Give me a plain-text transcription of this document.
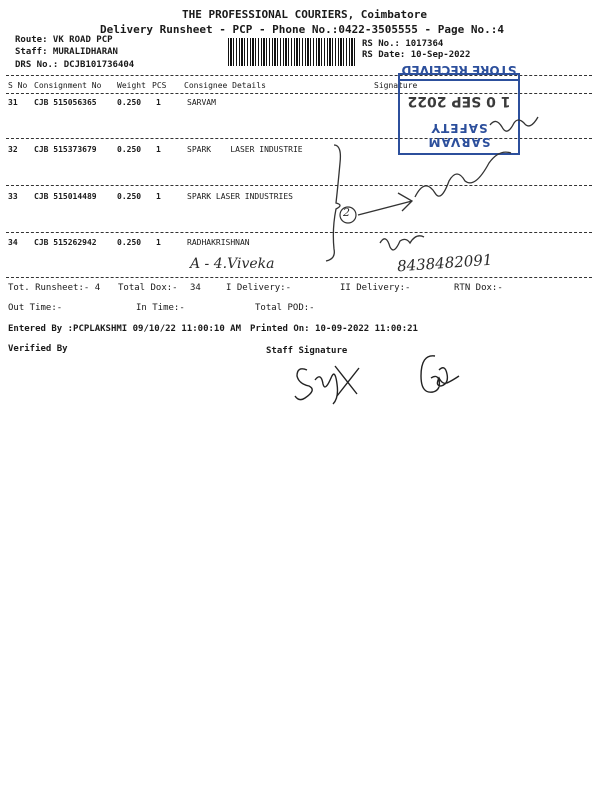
THE PROFESSIONAL COURIERS, Coimbatore
Delivery Runsheet - PCP - Phone No.:0422-3505555 - Page No.:4
Route: VK ROAD PCP
Staff: MURALIDHARAN
DRS No.: DCJB101736404
RS No.: 1017364
RS Date: 10-Sep-2022
S No Consignment No Weight PCS Consignee Details	Signature
31 CJB 515056365	0.250 1	SARVAM
32 CJB 515373679	0.250 1	SPARK    LASER INDUSTRIE
33 CJB 515014489	0.250 1	SPARK LASER INDUSTRIES
34 CJB 515262942	0.250 1	RADHAKRISHNAN
SARVAM SAFETY
1 0 SEP 2022
STORE RECEIVED
2
A - 4.Viveka	8438482091
Tot. Runsheet:- 4 Total Dox:- 34	I Delivery:-	II Delivery:-	RTN Dox:-
Out Time:-	In Time:-	Total POD:-
Entered By :PCPLAKSHMI 09/10/22 11:00:10 AM Printed On: 10-09-2022 11:00:21
Verified By	Staff Signature
